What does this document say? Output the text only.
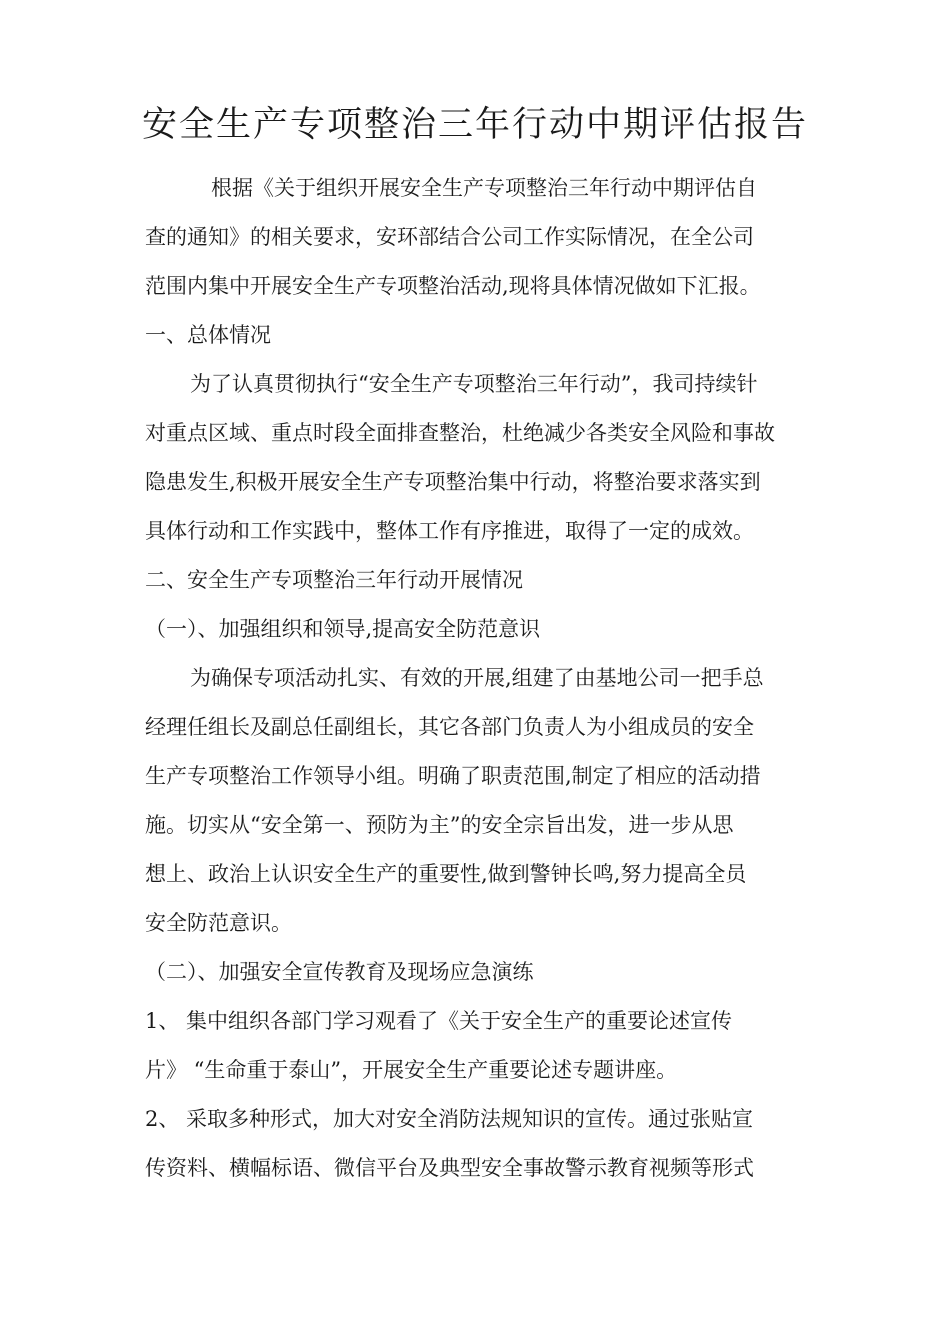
安全生产专项整治三年行动中期评估报告
根据《关于组织开展安全生产专项整治三年行动中期评估自
查的通知》的相关要求，安环部结合公司工作实际情况，在全公司
范围内集中开展安全生产专项整治活动,现将具体情况做如下汇报。
一、总体情况
为了认真贯彻执行“安全生产专项整治三年行动”，我司持续针
对重点区域、重点时段全面排查整治，杜绝减少各类安全风险和事故
隐患发生,积极开展安全生产专项整治集中行动，将整治要求落实到
具体行动和工作实践中，整体工作有序推进，取得了一定的成效。
二、安全生产专项整治三年行动开展情况
（一）、加强组织和领导,提高安全防范意识
为确保专项活动扎实、有效的开展,组建了由基地公司一把手总
经理任组长及副总任副组长，其它各部门负责人为小组成员的安全
生产专项整治工作领导小组。明确了职责范围,制定了相应的活动措
施。切实从“安全第一、预防为主”的安全宗旨出发，进一步从思
想上、政治上认识安全生产的重要性,做到警钟长鸣,努力提高全员
安全防范意识。
（二）、加强安全宣传教育及现场应急演练
1、 集中组织各部门学习观看了《关于安全生产的重要论述宣传
片》 “生命重于泰山”，开展安全生产重要论述专题讲座。
2、 采取多种形式，加大对安全消防法规知识的宣传。通过张贴宣
传资料、横幅标语、微信平台及典型安全事故警示教育视频等形式
